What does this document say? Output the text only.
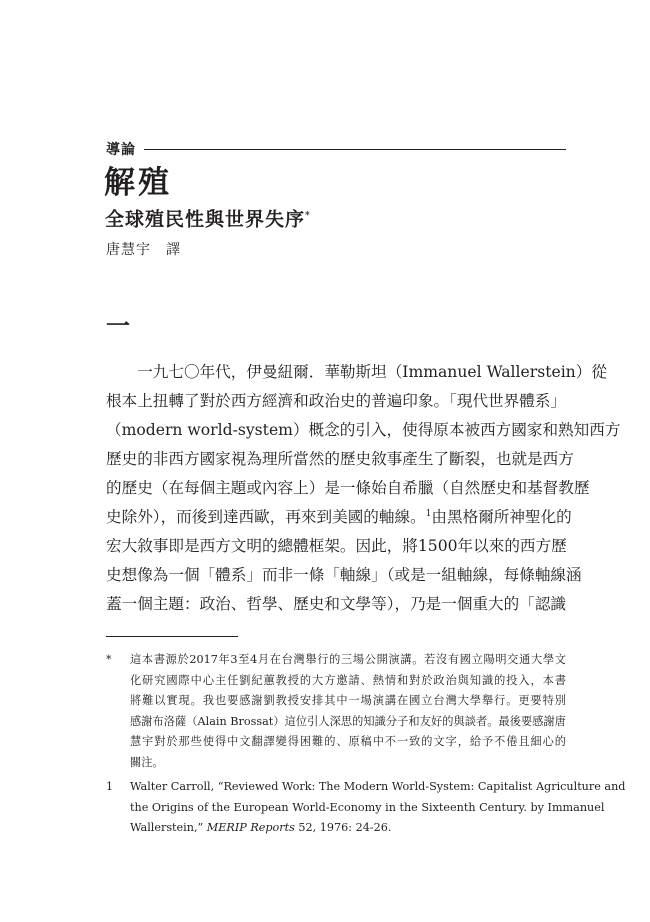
導論
解殖
全球殖民性與世界失序*

唐慧宇　譯

一

　　一九七〇年代，伊曼紐爾．華勒斯坦（Immanuel Wallerstein）從
根本上扭轉了對於西方經濟和政治史的普遍印象。「現代世界體系」
（modern world-system）概念的引入，使得原本被西方國家和熟知西方
歷史的非西方國家視為理所當然的歷史敘事產生了斷裂，也就是西方
的歷史（在每個主題或內容上）是一條始自希臘（自然歷史和基督教歷
史除外），而後到達西歐，再來到美國的軸線。$^1$由黑格爾所神聖化的
宏大敘事即是西方文明的總體框架。因此，將1500年以來的西方歷
史想像為一個「體系」而非一條「軸線」（或是一組軸線，每條軸線涵
蓋一個主題：政治、哲學、歷史和文學等），乃是一個重大的「認識
* 這本書源於2017年3至4月在台灣舉行的三場公開演講。若沒有國立陽明交通大學文
化研究國際中心主任劉紀蕙教授的大方邀請、熱情和對於政治與知識的投入，本書
將難以實現。我也要感謝劉教授安排其中一場演講在國立台灣大學舉行。更要特別
感謝布洛薩（Alain Brossat）這位引人深思的知識分子和友好的與談者。最後要感謝唐
慧宇對於那些使得中文翻譯變得困難的、原稿中不一致的文字，給予不倦且細心的
關注。
1 Walter Carroll, “Reviewed Work: The Modern World-System: Capitalist Agriculture and
the Origins of the European World-Economy in the Sixteenth Century. by Immanuel
Wallerstein,” MERIP Reports 52, 1976: 24-26.
